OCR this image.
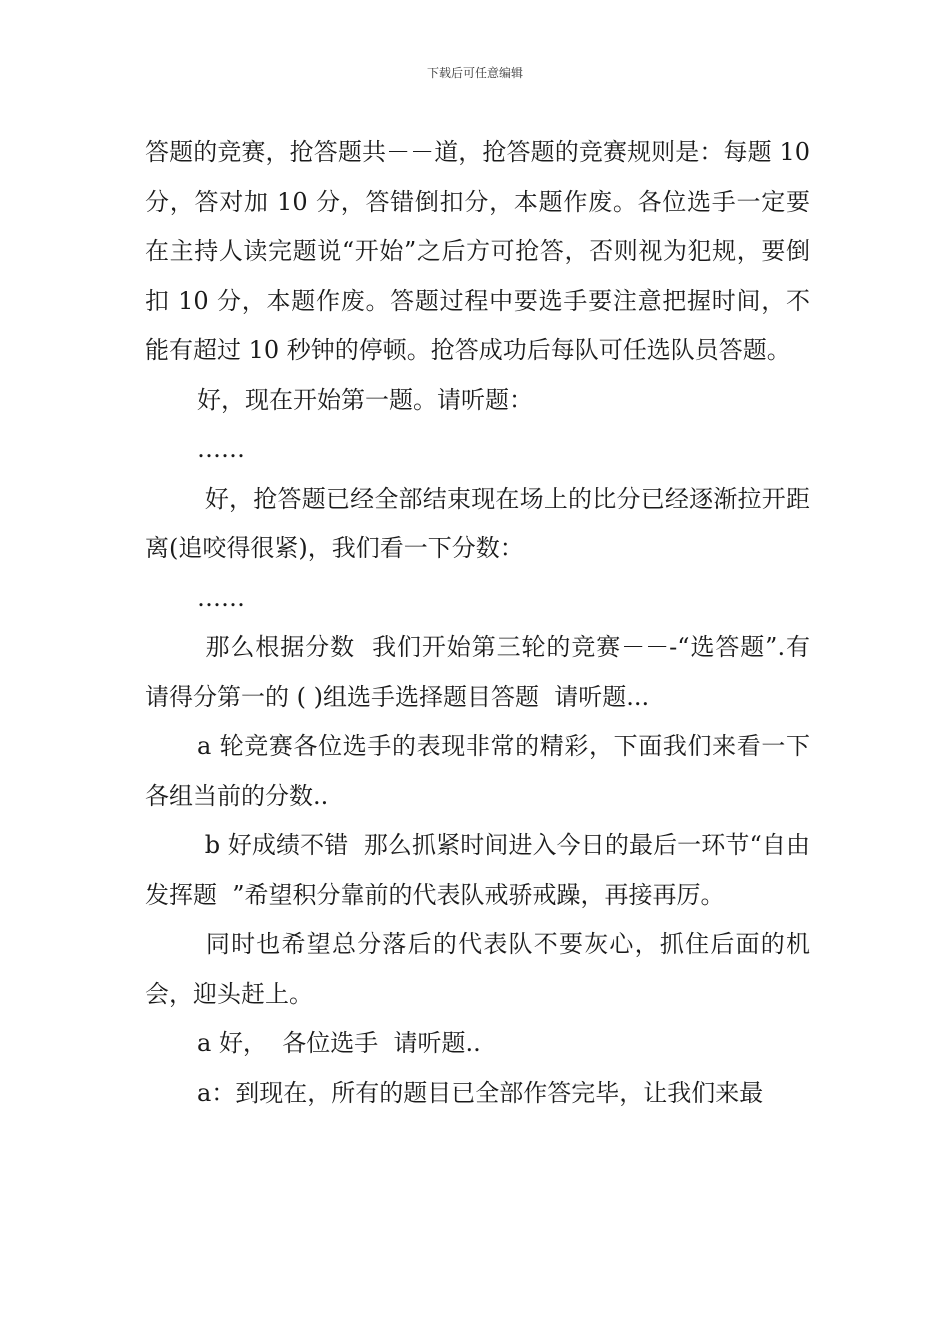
下载后可任意编辑

答题的竞赛，抢答题共－－道，抢答题的竞赛规则是：每题 10 分，答对加 10 分，答错倒扣分，本题作废。各位选手一定要在主持人读完题说“开始”之后方可抢答，否则视为犯规，要倒扣 10 分，本题作废。答题过程中要选手要注意把握时间，不能有超过 10 秒钟的停顿。抢答成功后每队可任选队员答题。

好，现在开始第一题。请听题：

……

好，抢答题已经全部结束现在场上的比分已经逐渐拉开距离(追咬得很紧)，我们看一下分数：

……

那么根据分数  我们开始第三轮的竞赛－－-“选答题”.有请得分第一的 ( )组选手选择题目答题  请听题...

a 轮竞赛各位选手的表现非常的精彩，下面我们来看一下各组当前的分数..

b 好成绩不错  那么抓紧时间进入今日的最后一环节“自由发挥题  ”希望积分靠前的代表队戒骄戒躁，再接再厉。

同时也希望总分落后的代表队不要灰心，抓住后面的机会，迎头赶上。

a 好，  各位选手  请听题..

a：到现在，所有的题目已全部作答完毕，让我们来最
